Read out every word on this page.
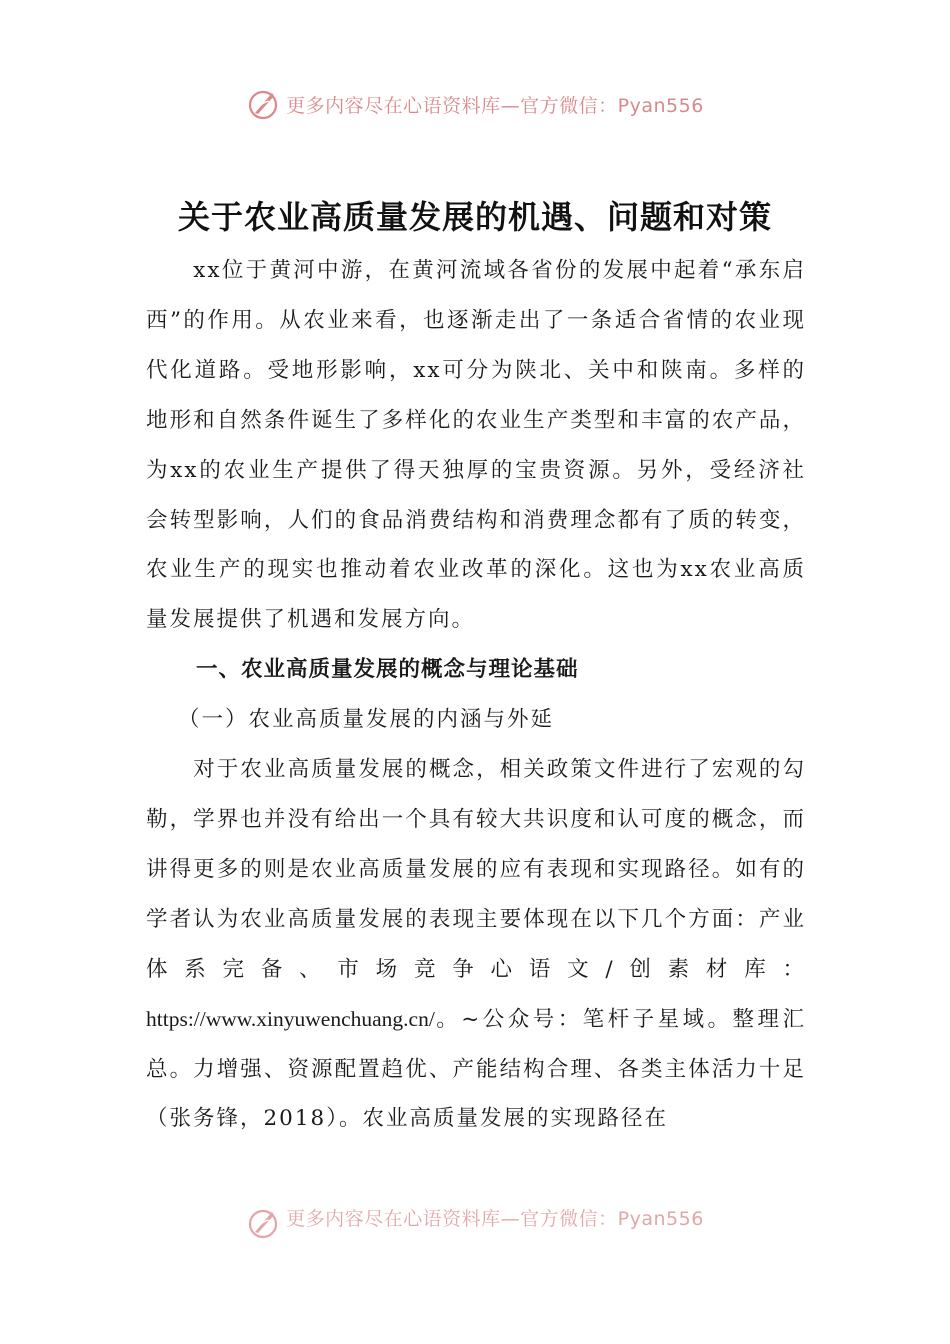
更多内容尽在心语资料库—官方微信：Pyan556
关于农业高质量发展的机遇、问题和对策

xx位于黄河中游，在黄河流域各省份的发展中起着“承东启西”的作用。从农业来看，也逐渐走出了一条适合省情的农业现代化道路。受地形影响，xx可分为陕北、关中和陕南。多样的地形和自然条件诞生了多样化的农业生产类型和丰富的农产品，为xx的农业生产提供了得天独厚的宝贵资源。另外，受经济社会转型影响，人们的食品消费结构和消费理念都有了质的转变，农业生产的现实也推动着农业改革的深化。这也为xx农业高质量发展提供了机遇和发展方向。

一、农业高质量发展的概念与理论基础
（一）农业高质量发展的内涵与外延

对于农业高质量发展的概念，相关政策文件进行了宏观的勾勒，学界也并没有给出一个具有较大共识度和认可度的概念，而讲得更多的则是农业高质量发展的应有表现和实现路径。如有的学者认为农业高质量发展的表现主要体现在以下几个方面：产业体系完备、市场竞争心语文/创素材库：https://www.xinyuwenchuang.cn/。~公众号：笔杆子星域。整理汇总。力增强、资源配置趋优、产能结构合理、各类主体活力十足（张务锋，2018）。农业高质量发展的实现路径在

更多内容尽在心语资料库—官方微信：Pyan556
